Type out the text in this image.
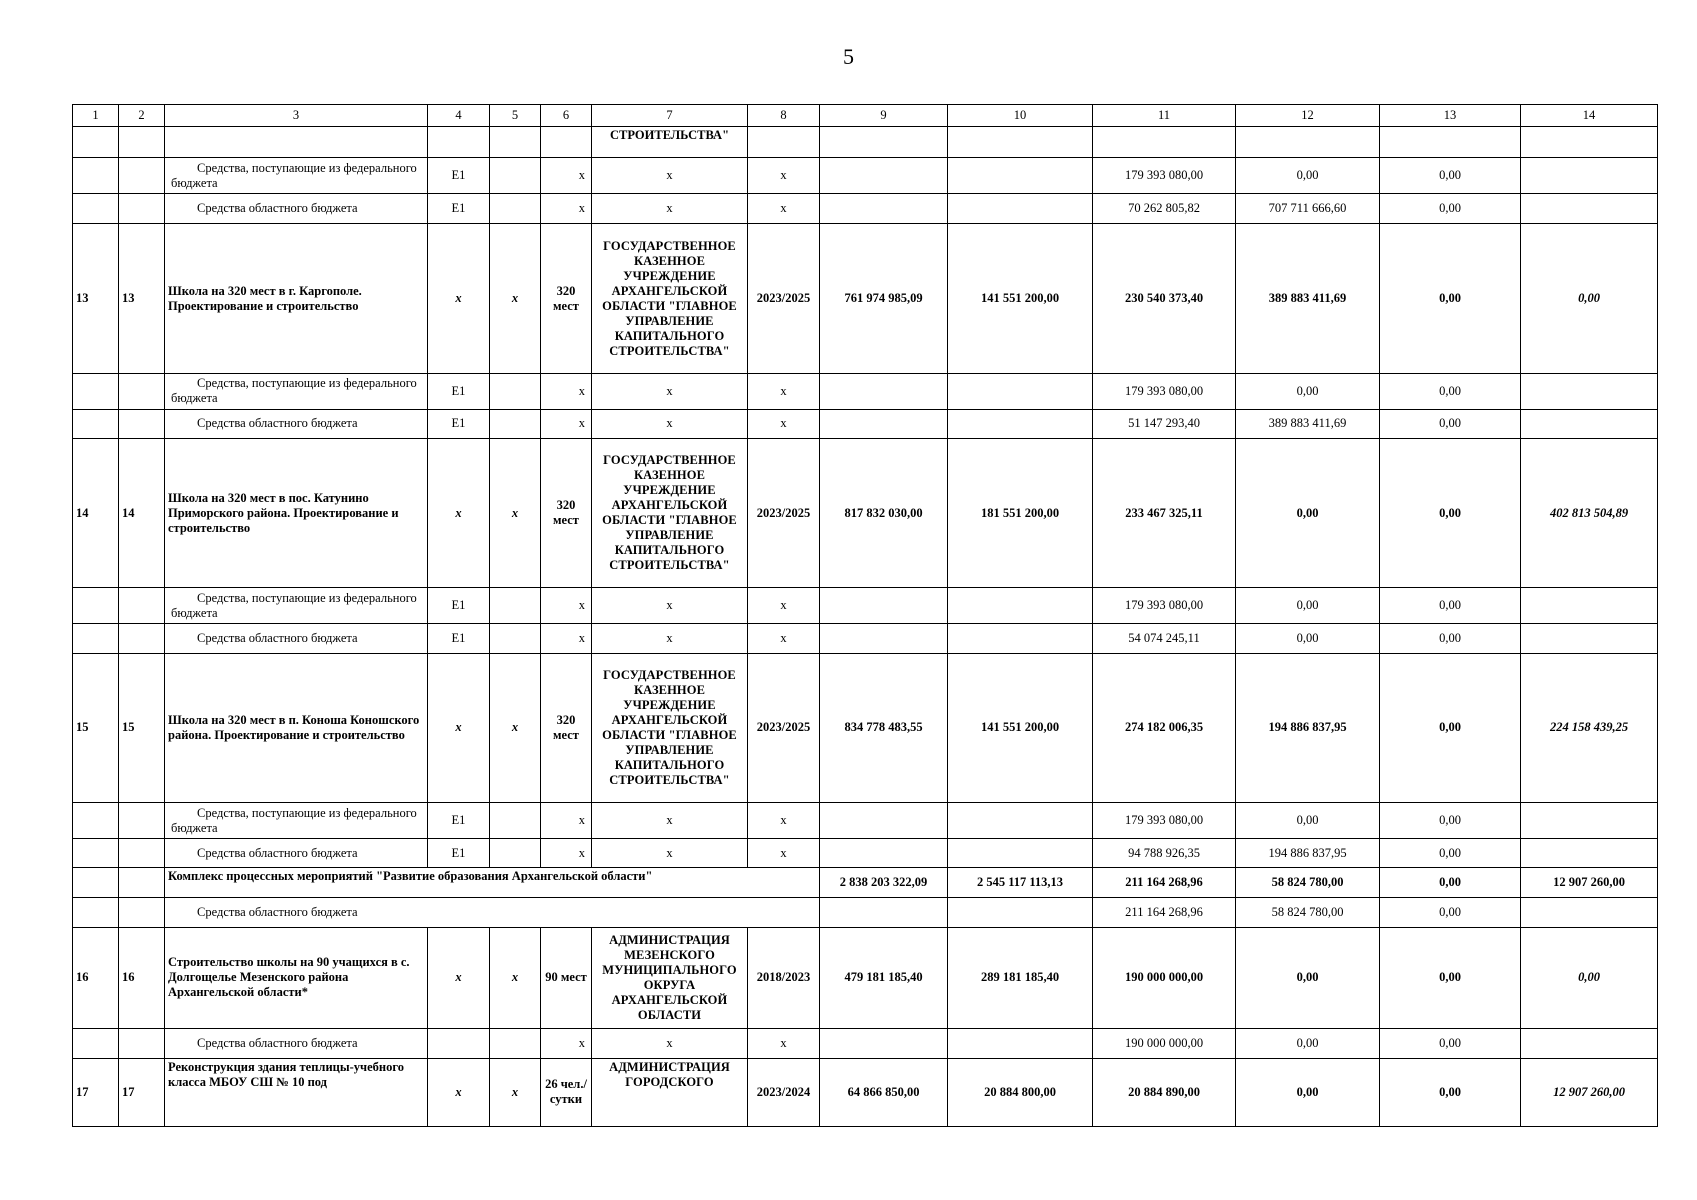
5
1	2	3	4	5	6	7	8	9	10	11	12	13	14
						СТРОИТЕЛЬСТВА"							
		Средства, поступающие из федерального бюджета	Е1		х	х	х			179 393 080,00	0,00	0,00	
		Средства областного бюджета	Е1		х	х	х			70 262 805,82	707 711 666,60	0,00	
13	13	Школа на 320 мест в г. Каргополе. Проектирование и строительство	х	х	320 мест	ГОСУДАРСТВЕННОЕ КАЗЕННОЕ УЧРЕЖДЕНИЕ АРХАНГЕЛЬСКОЙ ОБЛАСТИ "ГЛАВНОЕ УПРАВЛЕНИЕ КАПИТАЛЬНОГО СТРОИТЕЛЬСТВА"	2023/2025	761 974 985,09	141 551 200,00	230 540 373,40	389 883 411,69	0,00	0,00
		Средства, поступающие из федерального бюджета	Е1		х	х	х			179 393 080,00	0,00	0,00	
		Средства областного бюджета	Е1		х	х	х			51 147 293,40	389 883 411,69	0,00	
14	14	Школа на 320 мест в пос. Катунино Приморского района. Проектирование и строительство	х	х	320 мест	ГОСУДАРСТВЕННОЕ КАЗЕННОЕ УЧРЕЖДЕНИЕ АРХАНГЕЛЬСКОЙ ОБЛАСТИ "ГЛАВНОЕ УПРАВЛЕНИЕ КАПИТАЛЬНОГО СТРОИТЕЛЬСТВА"	2023/2025	817 832 030,00	181 551 200,00	233 467 325,11	0,00	0,00	402 813 504,89
		Средства, поступающие из федерального бюджета	Е1		х	х	х			179 393 080,00	0,00	0,00	
		Средства областного бюджета	Е1		х	х	х			54 074 245,11	0,00	0,00	
15	15	Школа на 320 мест в п. Коноша Коношского района. Проектирование и строительство	х	х	320 мест	ГОСУДАРСТВЕННОЕ КАЗЕННОЕ УЧРЕЖДЕНИЕ АРХАНГЕЛЬСКОЙ ОБЛАСТИ "ГЛАВНОЕ УПРАВЛЕНИЕ КАПИТАЛЬНОГО СТРОИТЕЛЬСТВА"	2023/2025	834 778 483,55	141 551 200,00	274 182 006,35	194 886 837,95	0,00	224 158 439,25
		Средства, поступающие из федерального бюджета	Е1		х	х	х			179 393 080,00	0,00	0,00	
		Средства областного бюджета	Е1		х	х	х			94 788 926,35	194 886 837,95	0,00	
		Комплекс процессных мероприятий "Развитие образования Архангельской области"						2 838 203 322,09	2 545 117 113,13	211 164 268,96	58 824 780,00	0,00	12 907 260,00
		Средства областного бюджета								211 164 268,96	58 824 780,00	0,00	
16	16	Строительство школы на 90 учащихся в с. Долгощелье Мезенского района Архангельской области*	х	х	90 мест	АДМИНИСТРАЦИЯ МЕЗЕНСКОГО МУНИЦИПАЛЬНОГО ОКРУГА АРХАНГЕЛЬСКОЙ ОБЛАСТИ	2018/2023	479 181 185,40	289 181 185,40	190 000 000,00	0,00	0,00	0,00
		Средства областного бюджета			х	х	х			190 000 000,00	0,00	0,00	
17	17	Реконструкция здания теплицы-учебного класса МБОУ СШ № 10 под	х	х	26 чел./сутки	АДМИНИСТРАЦИЯ ГОРОДСКОГО	2023/2024	64 866 850,00	20 884 800,00	20 884 890,00	0,00	0,00	12 907 260,00
